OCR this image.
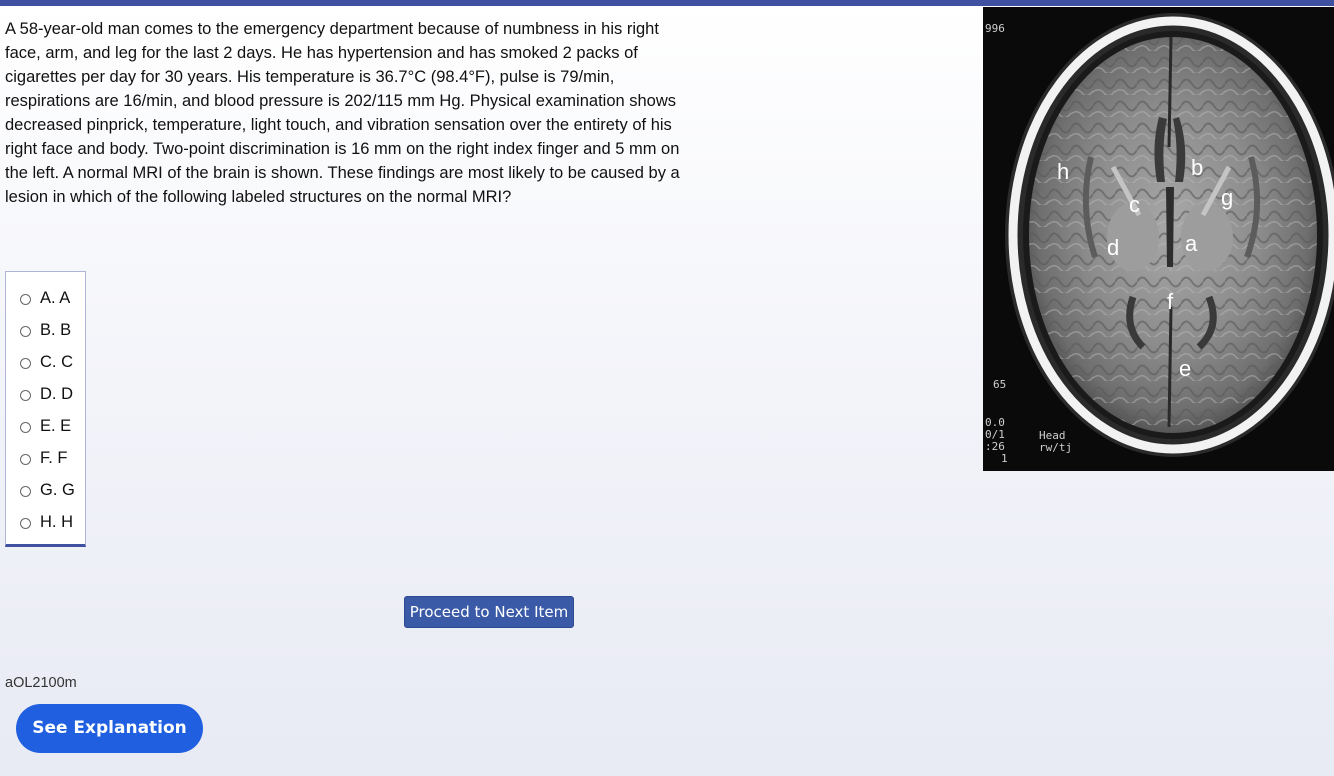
A 58-year-old man comes to the emergency department because of numbness in his right face, arm, and leg for the last 2 days. He has hypertension and has smoked 2 packs of cigarettes per day for 30 years. His temperature is 36.7°C (98.4°F), pulse is 79/min, respirations are 16/min, and blood pressure is 202/115 mm Hg. Physical examination shows decreased pinprick, temperature, light touch, and vibration sensation over the entirety of his right face and body. Two-point discrimination is 16 mm on the right index finger and 5 mm on the left. A normal MRI of the brain is shown. These findings are most likely to be caused by a lesion in which of the following labeled structures on the normal MRI?

A. A
B. B
C. C
D. D
E. E
F. F
G. G
H. H
Proceed to Next Item
aOL2100m
See Explanation
996
65
0.0
0/1
:26
1
Head
rw/tj
a
b
c
d
e
f
g
h
